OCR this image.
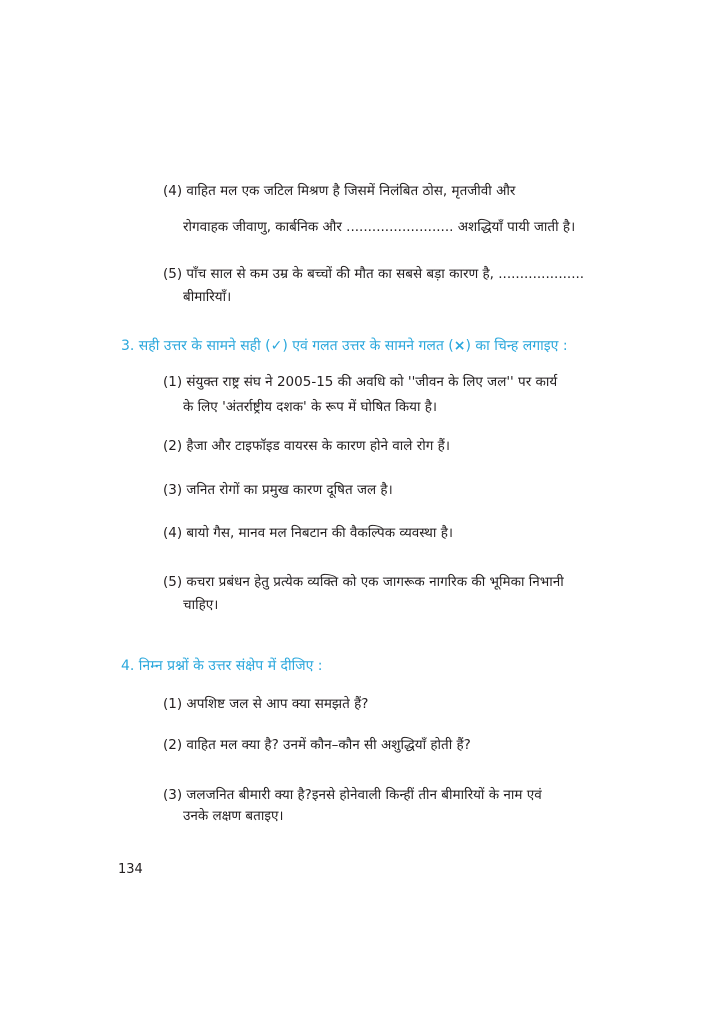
(4) वाहित मल एक जटिल मिश्रण है जिसमें निलंबित ठोस, मृतजीवी और
रोगवाहक जीवाणु, कार्बनिक और ......................... अशद्धियाँ पायी जाती है।
(5) पाँच साल से कम उम्र के बच्चों की मौत का सबसे बड़ा कारण है, ....................
बीमारियाँ।
3. सही उत्तर के सामने सही (✓) एवं गलत उत्तर के सामने गलत (×) का चिन्ह लगाइए :
(1) संयुक्त राष्ट्र संघ ने 2005-15 की अवधि को ''जीवन के लिए जल'' पर कार्य
के लिए 'अंतर्राष्ट्रीय दशक' के रूप में घोषित किया है।
(2) हैजा और टाइफॉइड वायरस के कारण होने वाले रोग हैं।
(3) जनित रोगों का प्रमुख कारण दूषित जल है।
(4) बायो गैस, मानव मल निबटान की वैकल्पिक व्यवस्था है।
(5) कचरा प्रबंधन हेतु प्रत्येक व्यक्ति को एक जागरूक नागरिक की भूमिका निभानी
चाहिए।
4. निम्न प्रश्नों के उत्तर संक्षेप में दीजिए :
(1) अपशिष्ट जल से आप क्या समझते हैं?
(2) वाहित मल क्या है? उनमें कौन–कौन सी अशुद्धियाँ होती हैं?
(3) जलजनित बीमारी क्या है?इनसे होनेवाली किन्हीं तीन बीमारियों के नाम एवं
उनके लक्षण बताइए।
134
